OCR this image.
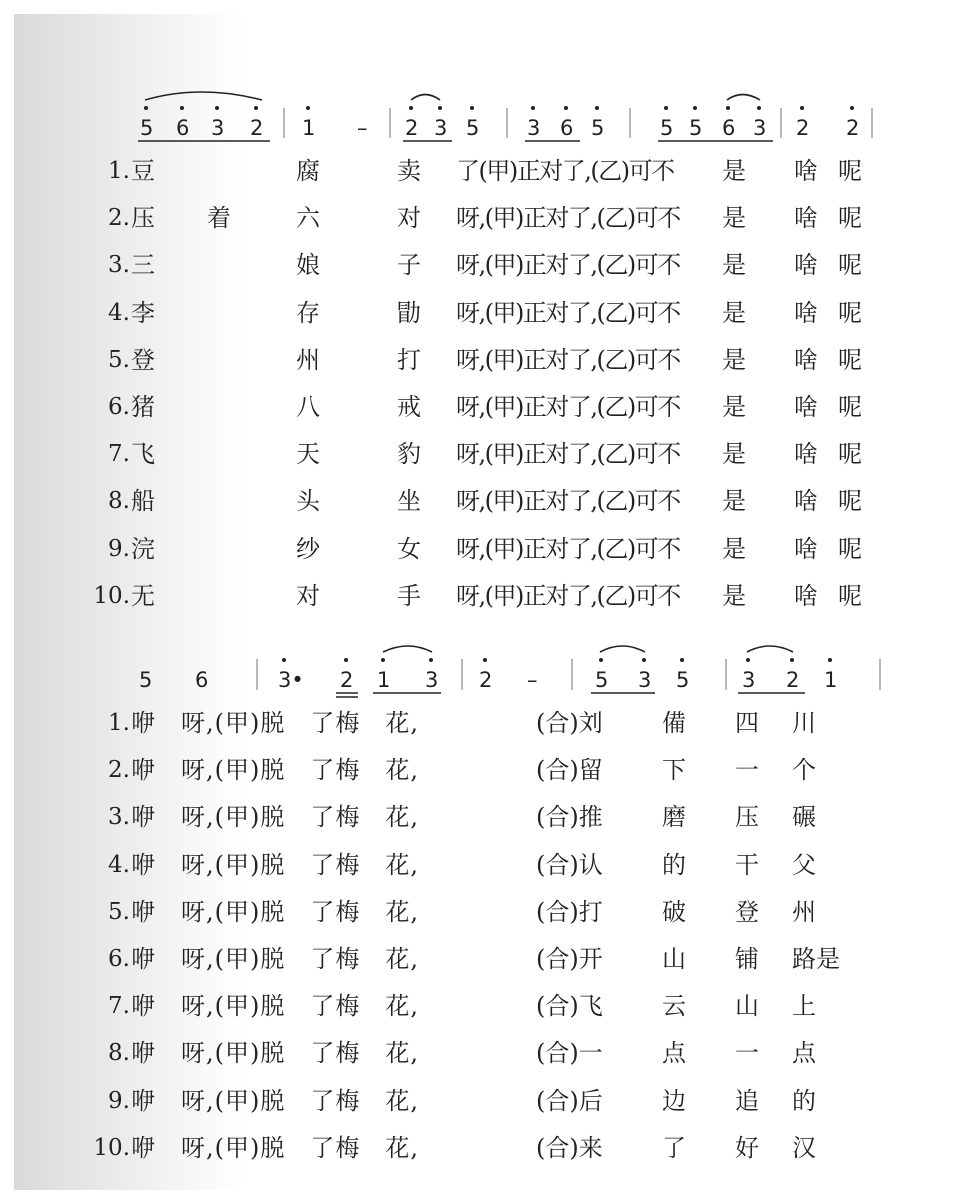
5 6 3 2 1 – 2 3 5 3 6 5	5 5 6 3 2 2
5 6	3• 2 1 3 2 –	5 3 5	3 2 1
1. 豆	腐	卖 了(甲)正对了,(乙)可不 是 啥 呢
2. 压 着	六	对 呀,(甲)正对了,(乙)可不 是 啥 呢
3. 三	娘	子 呀,(甲)正对了,(乙)可不 是 啥 呢
4. 李	存	勖 呀,(甲)正对了,(乙)可不 是 啥 呢
5. 登	州	打 呀,(甲)正对了,(乙)可不 是 啥 呢
6. 猪	八	戒 呀,(甲)正对了,(乙)可不 是 啥 呢
7. 飞	天	豹 呀,(甲)正对了,(乙)可不 是 啥 呢
8. 船	头	坐 呀,(甲)正对了,(乙)可不 是 啥 呢
9. 浣	纱	女 呀,(甲)正对了,(乙)可不 是 啥 呢
10. 无	对	手 呀,(甲)正对了,(乙)可不 是 啥 呢
1. 咿　呀,(甲)脱　了梅　花,	(合)刘 備 四 川
2. 咿　呀,(甲)脱　了梅　花,	(合)留 下 一 个
3. 咿　呀,(甲)脱　了梅　花,	(合)推 磨 压 碾
4. 咿　呀,(甲)脱　了梅　花,	(合)认 的 干 父
5. 咿　呀,(甲)脱　了梅　花,	(合)打 破 登 州
6. 咿　呀,(甲)脱　了梅　花,	(合)开 山 铺 路是
7. 咿　呀,(甲)脱　了梅　花,	(合)飞 云 山 上
8. 咿　呀,(甲)脱　了梅　花,	(合)一 点 一 点
9. 咿　呀,(甲)脱　了梅　花,	(合)后 边 追 的
10. 咿　呀,(甲)脱　了梅　花,	(合)来 了 好 汉
